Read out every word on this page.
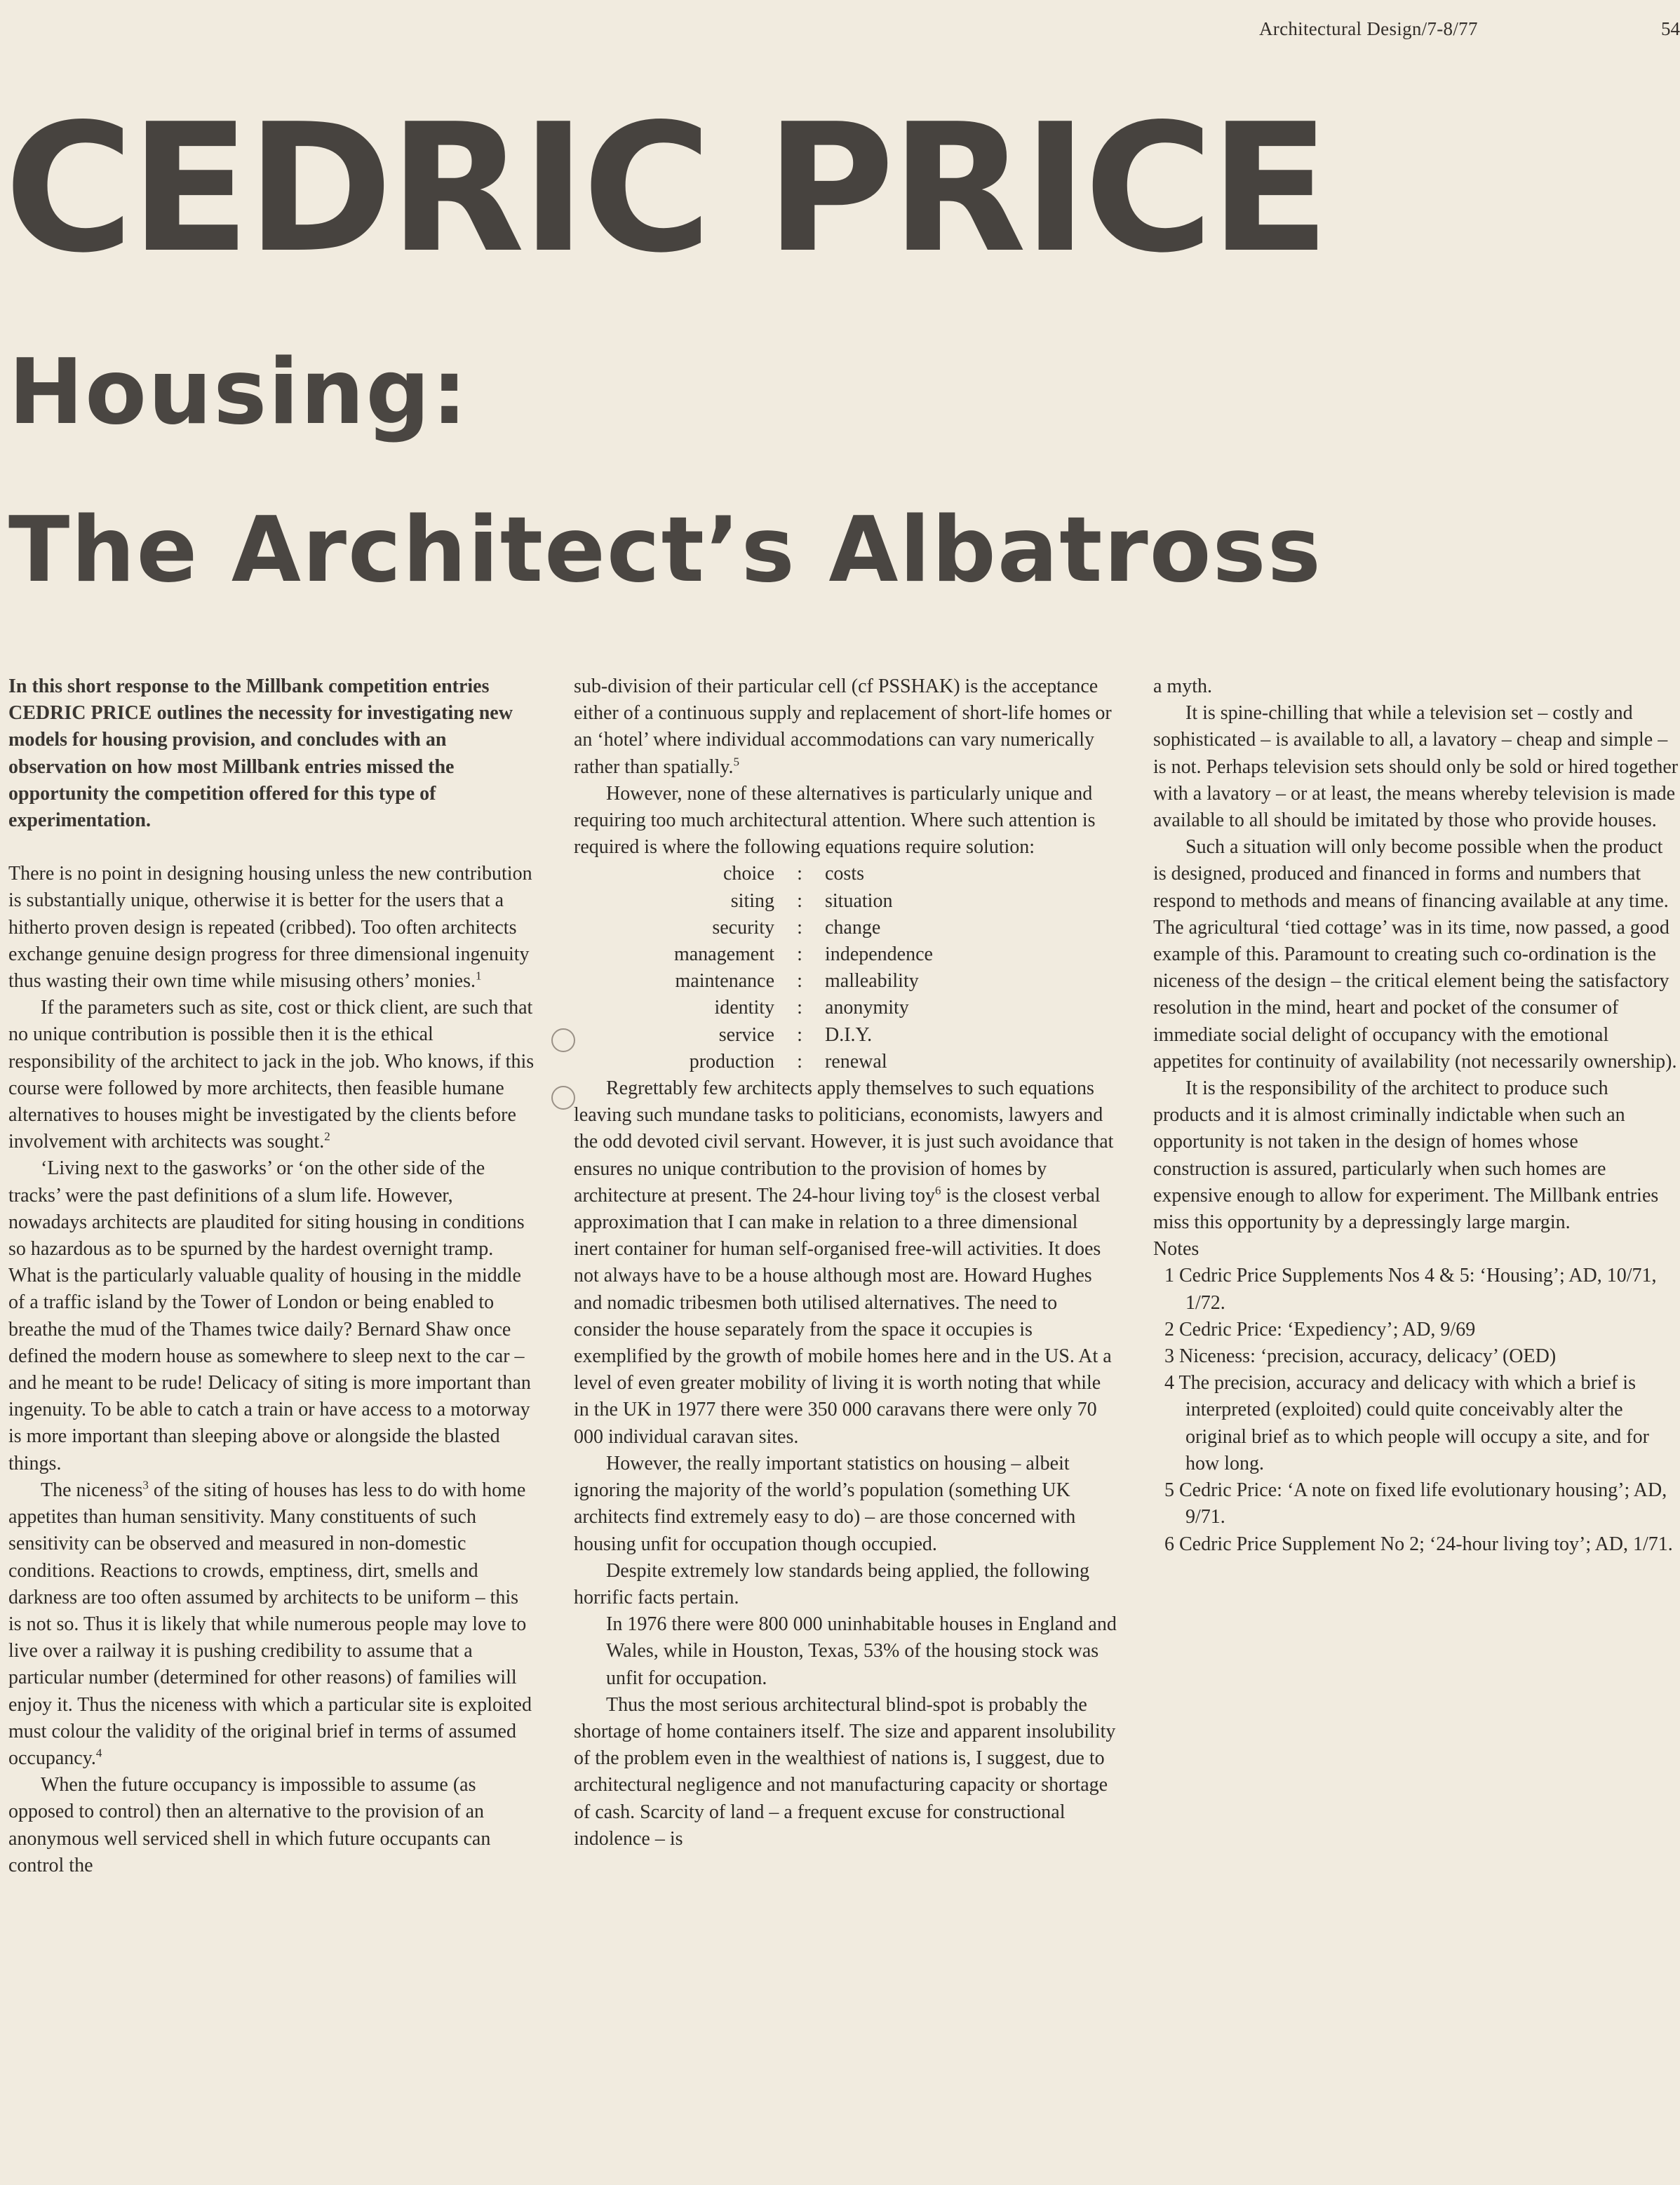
Architectural Design/7-8/77	54
CEDRIC PRICE
Housing:
The Architect’s Albatross

In this short response to the Millbank competition entries CEDRIC PRICE outlines the necessity for investigating new models for housing provision, and concludes with an observation on how most Millbank entries missed the opportunity the competition offered for this type of experimentation.

There is no point in designing housing unless the new contribution is substantially unique, otherwise it is better for the users that a hitherto proven design is repeated (cribbed). Too often architects exchange genuine design progress for three dimensional ingenuity thus wasting their own time while misusing others’ monies.$^1$

If the parameters such as site, cost or thick client, are such that no unique contribution is possible then it is the ethical responsibility of the architect to jack in the job. Who knows, if this course were followed by more architects, then feasible humane alternatives to houses might be investigated by the clients before involvement with architects was sought.$^2$

‘Living next to the gasworks’ or ‘on the other side of the tracks’ were the past definitions of a slum life. However, nowadays architects are plaudited for siting housing in conditions so hazardous as to be spurned by the hardest overnight tramp. What is the particularly valuable quality of housing in the middle of a traffic island by the Tower of London or being enabled to breathe the mud of the Thames twice daily? Bernard Shaw once defined the modern house as somewhere to sleep next to the car – and he meant to be rude! Delicacy of siting is more important than ingenuity. To be able to catch a train or have access to a motorway is more important than sleeping above or alongside the blasted things.

The niceness$^3$ of the siting of houses has less to do with home appetites than human sensitivity. Many constituents of such sensitivity can be observed and measured in non-domestic conditions. Reactions to crowds, emptiness, dirt, smells and darkness are too often assumed by architects to be uniform – this is not so. Thus it is likely that while numerous people may love to live over a railway it is pushing credibility to assume that a particular number (determined for other reasons) of families will enjoy it. Thus the niceness with which a particular site is exploited must colour the validity of the original brief in terms of assumed occupancy.$^4$

When the future occupancy is impossible to assume (as opposed to control) then an alternative to the provision of an anonymous well serviced shell in which future occupants can control the

sub-division of their particular cell (cf PSSHAK) is the acceptance either of a continuous supply and replacement of short-life homes or an ‘hotel’ where individual accommodations can vary numerically rather than spatially.$^5$

However, none of these alternatives is particularly unique and requiring too much architectural attention. Where such attention is required is where the following equations require solution:

choice	:	costs
siting	:	situation
security	:	change
management	:	independence
maintenance	:	malleability
identity	:	anonymity
service	:	D.I.Y.
production	:	renewal

Regrettably few architects apply themselves to such equations leaving such mundane tasks to politicians, economists, lawyers and the odd devoted civil servant. However, it is just such avoidance that ensures no unique contribution to the provision of homes by architecture at present. The 24-hour living toy$^6$ is the closest verbal approximation that I can make in relation to a three dimensional inert container for human self-organised free-will activities. It does not always have to be a house although most are. Howard Hughes and nomadic tribesmen both utilised alternatives. The need to consider the house separately from the space it occupies is exemplified by the growth of mobile homes here and in the US. At a level of even greater mobility of living it is worth noting that while in the UK in 1977 there were 350 000 caravans there were only 70 000 individual caravan sites.

However, the really important statistics on housing – albeit ignoring the majority of the world’s population (something UK architects find extremely easy to do) – are those concerned with housing unfit for occupation though occupied.

Despite extremely low standards being applied, the following horrific facts pertain.

In 1976 there were 800 000 uninhabitable houses in England and Wales, while in Houston, Texas, 53% of the housing stock was unfit for occupation.

Thus the most serious architectural blind-spot is probably the shortage of home containers itself. The size and apparent insolubility of the problem even in the wealthiest of nations is, I suggest, due to architectural negligence and not manufacturing capacity or shortage of cash. Scarcity of land – a frequent excuse for constructional indolence – is

a myth.

It is spine-chilling that while a television set – costly and sophisticated – is available to all, a lavatory – cheap and simple – is not. Perhaps television sets should only be sold or hired together with a lavatory – or at least, the means whereby television is made available to all should be imitated by those who provide houses.

Such a situation will only become possible when the product is designed, produced and financed in forms and numbers that respond to methods and means of financing available at any time. The agricultural ‘tied cottage’ was in its time, now passed, a good example of this. Paramount to creating such co-ordination is the niceness of the design – the critical element being the satisfactory resolution in the mind, heart and pocket of the consumer of immediate social delight of occupancy with the emotional appetites for continuity of availability (not necessarily ownership).

It is the responsibility of the architect to produce such products and it is almost criminally indictable when such an opportunity is not taken in the design of homes whose construction is assured, particularly when such homes are expensive enough to allow for experiment. The Millbank entries miss this opportunity by a depressingly large margin.

Notes

1 Cedric Price Supplements Nos 4 & 5: ‘Housing’; AD, 10/71, 1/72.

2 Cedric Price: ‘Expediency’; AD, 9/69

3 Niceness: ‘precision, accuracy, delicacy’ (OED)

4 The precision, accuracy and delicacy with which a brief is interpreted (exploited) could quite conceivably alter the original brief as to which people will occupy a site, and for how long.

5 Cedric Price: ‘A note on fixed life evolutionary housing’; AD, 9/71.

6 Cedric Price Supplement No 2; ‘24-hour living toy’; AD, 1/71.
